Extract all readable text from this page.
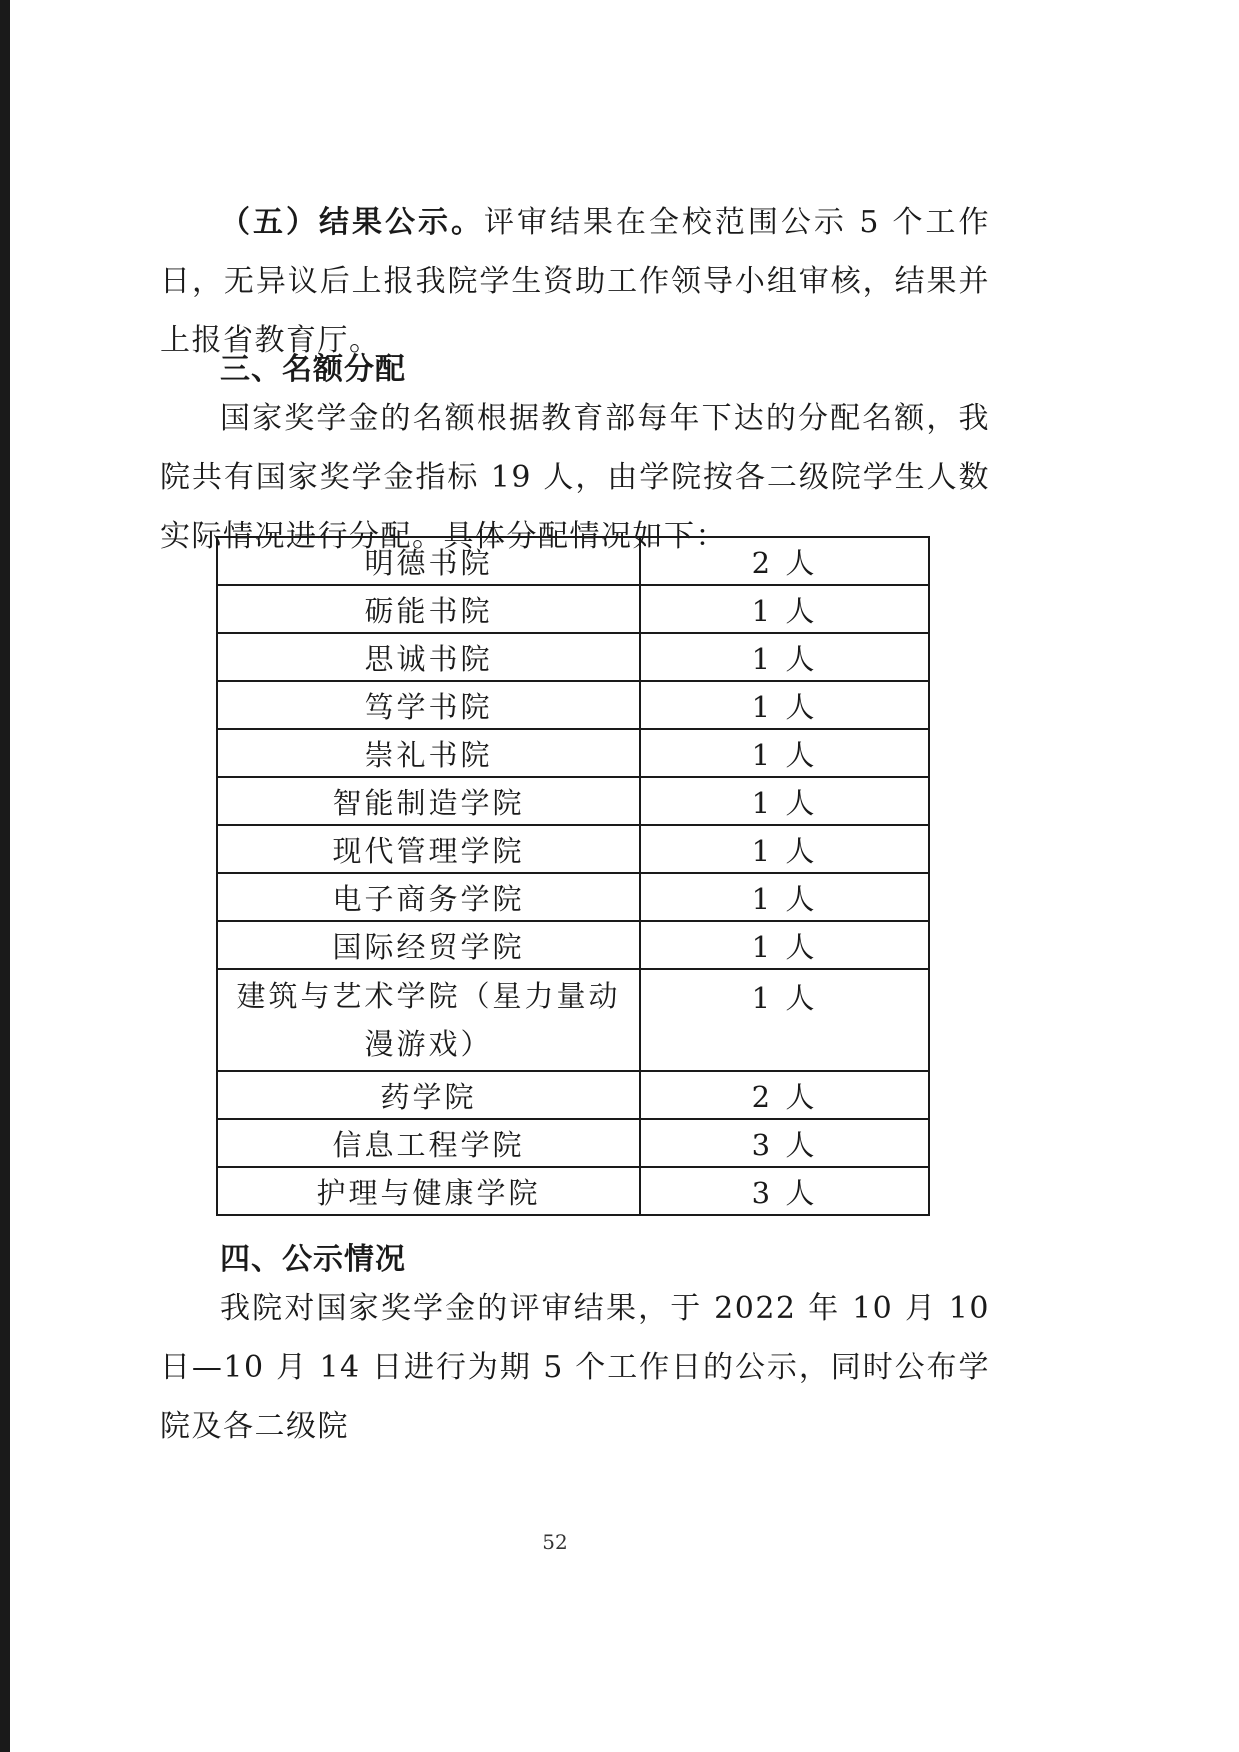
（五）结果公示。评审结果在全校范围公示 5 个工作日，无异议后上报我院学生资助工作领导小组审核，结果并上报省教育厅。

三、名额分配

国家奖学金的名额根据教育部每年下达的分配名额，我院共有国家奖学金指标 19 人，由学院按各二级院学生人数实际情况进行分配。具体分配情况如下：

明德书院	2 人
砺能书院	1 人
思诚书院	1 人
笃学书院	1 人
崇礼书院	1 人
智能制造学院	1 人
现代管理学院	1 人
电子商务学院	1 人
国际经贸学院	1 人
建筑与艺术学院（星力量动漫游戏）	1 人
药学院	2 人
信息工程学院	3 人
护理与健康学院	3 人
四、公示情况

我院对国家奖学金的评审结果，于 2022 年 10 月 10 日—10 月 14 日进行为期 5 个工作日的公示，同时公布学院及各二级院

52
